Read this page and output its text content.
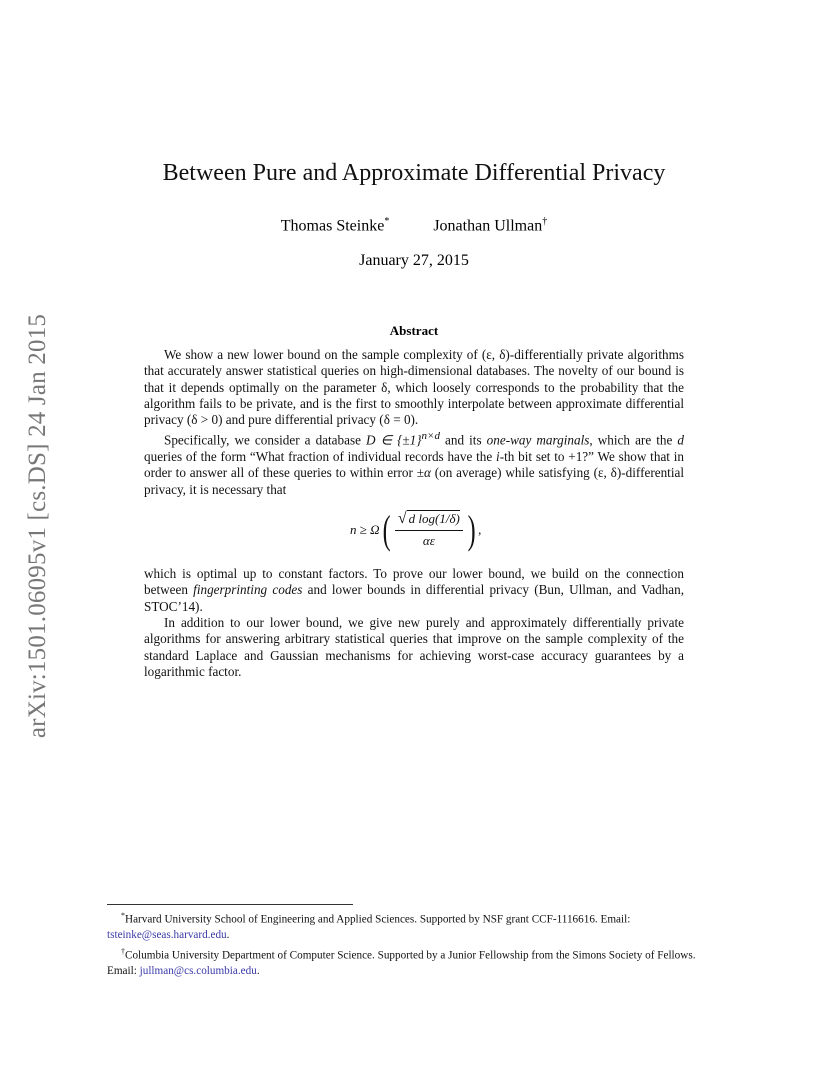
arXiv:1501.06095v1 [cs.DS] 24 Jan 2015
Between Pure and Approximate Differential Privacy
Thomas Steinke*	Jonathan Ullman†
January 27, 2015
Abstract

We show a new lower bound on the sample complexity of (ε, δ)-differentially private algorithms that accurately answer statistical queries on high-dimensional databases. The novelty of our bound is that it depends optimally on the parameter δ, which loosely corresponds to the probability that the algorithm fails to be private, and is the first to smoothly interpolate between approximate differential privacy (δ > 0) and pure differential privacy (δ = 0).

Specifically, we consider a database D ∈ $\{\pm 1\}^{n\times d}$ and its one-way marginals, which are the d queries of the form “What fraction of individual records have the i-th bit set to +1?” We show that in order to answer all of these queries to within error ±α (on average) while satisfying (ε, δ)-differential privacy, it is necessary that

n ≥ Ω ( $\frac{\text{√ d log(1/δ)}}{\alpha\varepsilon}$ ) ,

which is optimal up to constant factors. To prove our lower bound, we build on the connection between fingerprinting codes and lower bounds in differential privacy (Bun, Ullman, and Vadhan, STOC’14).

In addition to our lower bound, we give new purely and approximately differentially private algorithms for answering arbitrary statistical queries that improve on the sample complexity of the standard Laplace and Gaussian mechanisms for achieving worst-case accuracy guarantees by a logarithmic factor.

*Harvard University School of Engineering and Applied Sciences. Supported by NSF grant CCF-1116616. Email: tsteinke@seas.harvard.edu.

†Columbia University Department of Computer Science. Supported by a Junior Fellowship from the Simons Society of Fellows. Email: jullman@cs.columbia.edu.
